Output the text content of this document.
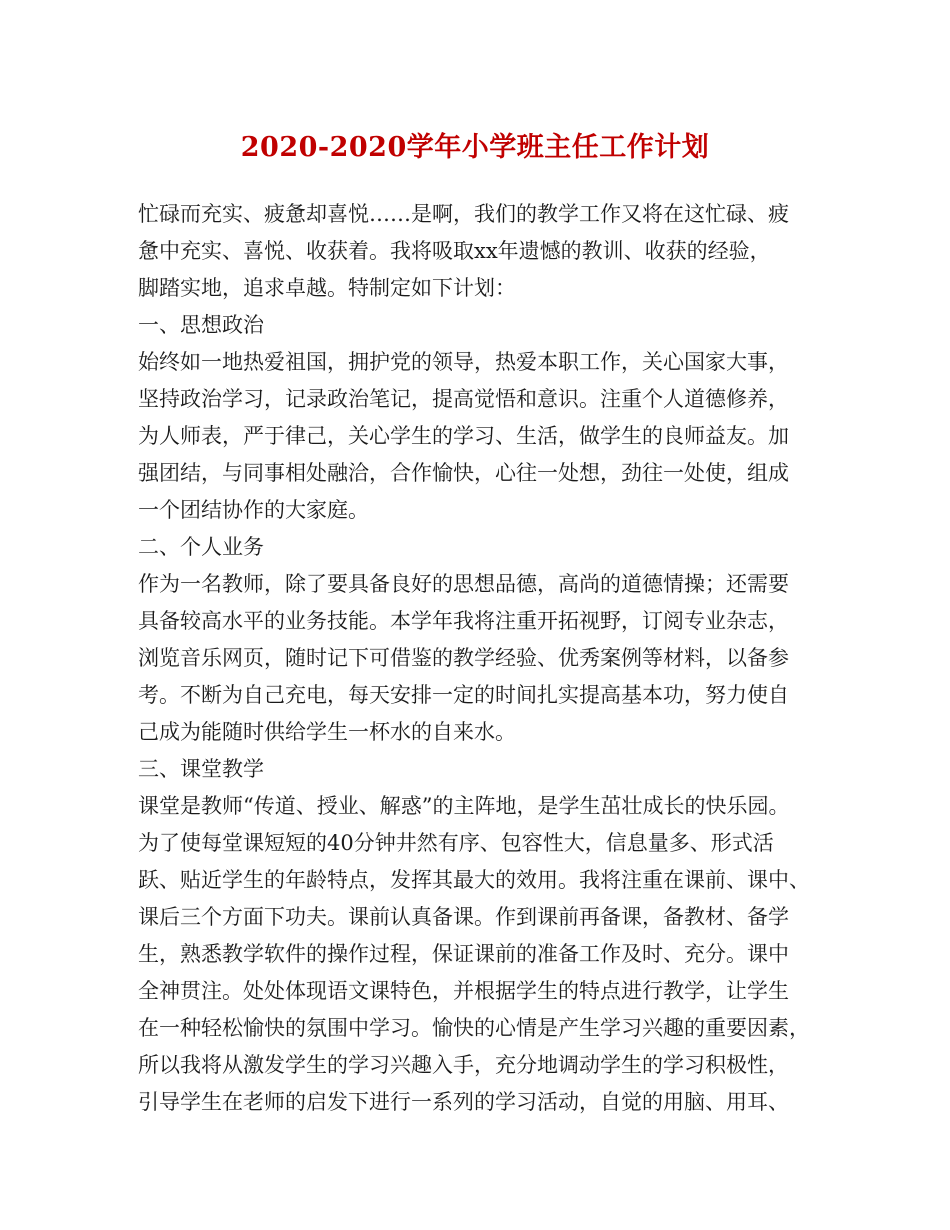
2020-2020学年小学班主任工作计划
忙碌而充实、疲惫却喜悦……是啊，我们的教学工作又将在这忙碌、疲
惫中充实、喜悦、收获着。我将吸取xx年遗憾的教训、收获的经验，
脚踏实地，追求卓越。特制定如下计划：
一、思想政治
始终如一地热爱祖国，拥护党的领导，热爱本职工作，关心国家大事，
坚持政治学习，记录政治笔记，提高觉悟和意识。注重个人道德修养，
为人师表，严于律己，关心学生的学习、生活，做学生的良师益友。加
强团结，与同事相处融洽，合作愉快，心往一处想，劲往一处使，组成
一个团结协作的大家庭。
二、个人业务
作为一名教师，除了要具备良好的思想品德，高尚的道德情操；还需要
具备较高水平的业务技能。本学年我将注重开拓视野，订阅专业杂志，
浏览音乐网页，随时记下可借鉴的教学经验、优秀案例等材料，以备参
考。不断为自己充电，每天安排一定的时间扎实提高基本功，努力使自
己成为能随时供给学生一杯水的自来水。
三、课堂教学
课堂是教师“传道、授业、解惑”的主阵地，是学生茁壮成长的快乐园。
为了使每堂课短短的40分钟井然有序、包容性大，信息量多、形式活
跃、贴近学生的年龄特点，发挥其最大的效用。我将注重在课前、课中、
课后三个方面下功夫。课前认真备课。作到课前再备课，备教材、备学
生，熟悉教学软件的操作过程，保证课前的准备工作及时、充分。课中
全神贯注。处处体现语文课特色，并根据学生的特点进行教学，让学生
在一种轻松愉快的氛围中学习。愉快的心情是产生学习兴趣的重要因素，
所以我将从激发学生的学习兴趣入手，充分地调动学生的学习积极性，
引导学生在老师的启发下进行一系列的学习活动，自觉的用脑、用耳、
